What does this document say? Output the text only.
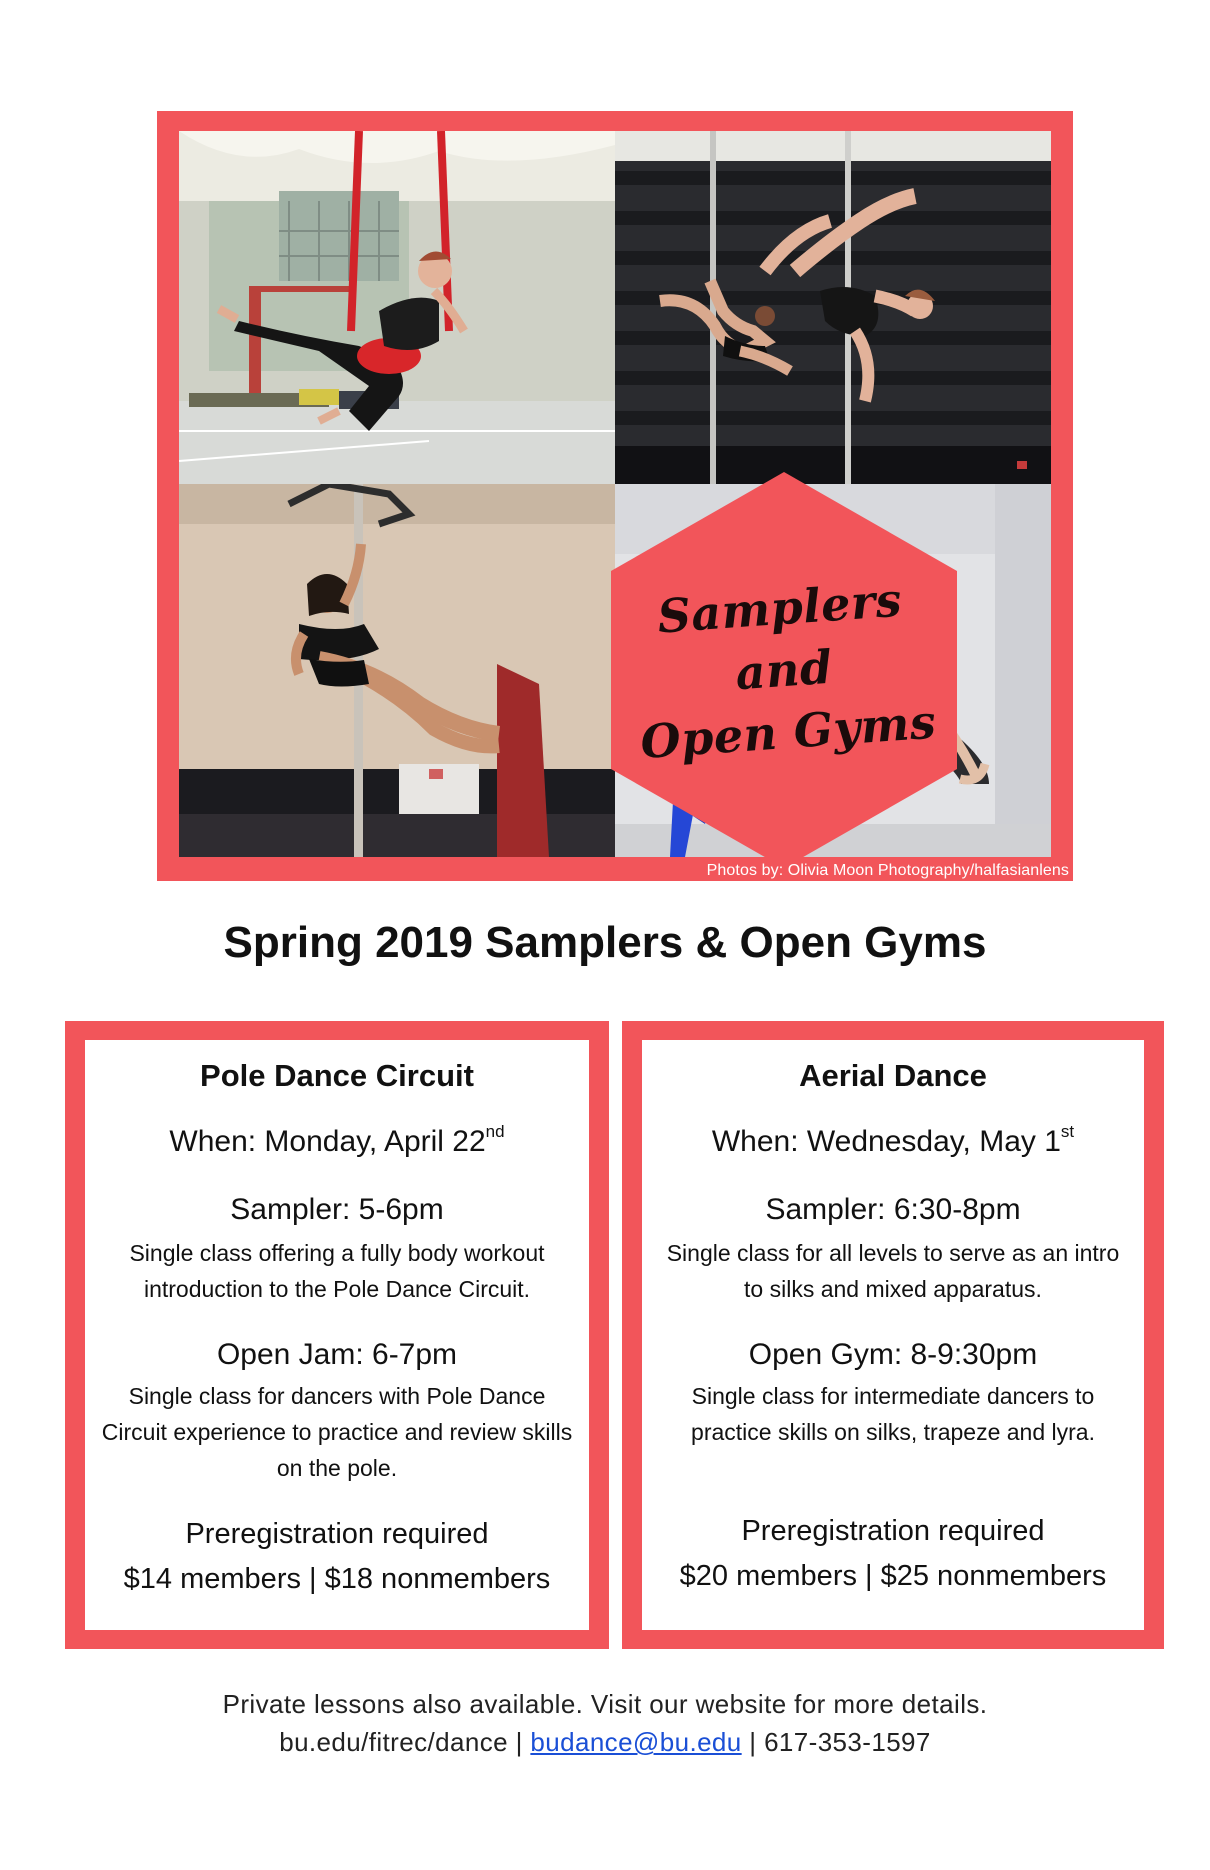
Samplers
and
Open Gyms
Photos by: Olivia Moon Photography/halfasianlens
Spring 2019 Samplers & Open Gyms
Pole Dance Circuit
When: Monday, April 22nd
Sampler: 5-6pm
Single class offering a fully body workout introduction to the Pole Dance Circuit.
Open Jam: 6-7pm
Single class for dancers with Pole Dance Circuit experience to practice and review skills on the pole.
Preregistration required
$14 members | $18 nonmembers
Aerial Dance
When: Wednesday, May 1st
Sampler: 6:30-8pm
Single class for all levels to serve as an intro to silks and mixed apparatus.
Open Gym: 8-9:30pm
Single class for intermediate dancers to practice skills on silks, trapeze and lyra.
Preregistration required
$20 members | $25 nonmembers
Private lessons also available. Visit our website for more details.
bu.edu/fitrec/dance | budance@bu.edu | 617-353-1597
